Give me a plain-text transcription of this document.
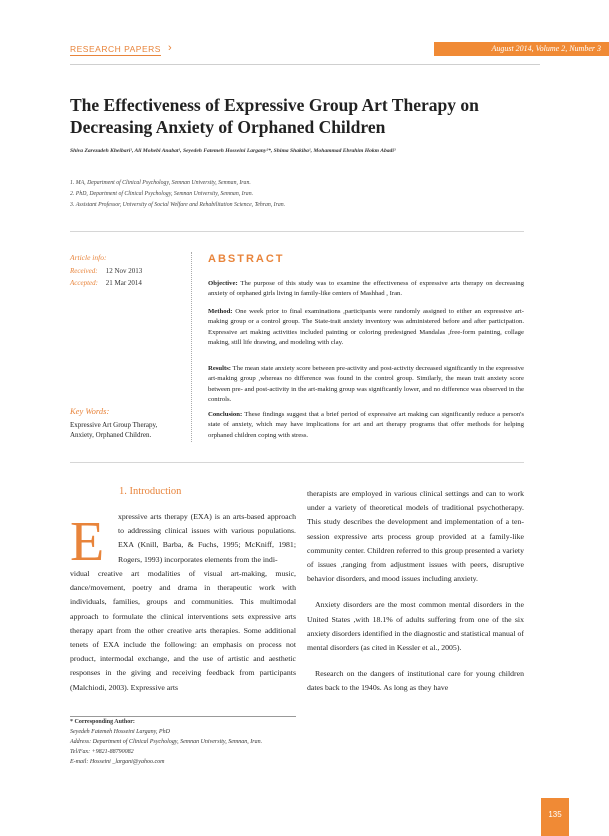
RESEARCH PAPERS ›	August 2014, Volume 2, Number 3
The Effectiveness of Expressive Group Art Therapy on Decreasing Anxiety of Orphaned Children
Shiva Zarezadeh Kheibari¹, Ali Mohebi Anabat¹, Seyedeh Fatemeh Hosseini Largany²*, Shima Shakiba¹, Mohammad Ebrahim Hokm Abadi³
1. MA, Department of Clinical Psychology, Semnan University, Semnan, Iran.
2. PhD, Department of Clinical Psychology, Semnan University, Semnan, Iran.
3. Assistant Professor, University of Social Welfare and Rehabilitation Science, Tehran, Iran.
Article info:
Received: 12 Nov 2013
Accepted: 21 Mar 2014
Key Words:
Expressive Art Group Therapy, Anxiety, Orphaned Children.
ABSTRACT
Objective: The purpose of this study was to examine the effectiveness of expressive arts therapy on decreasing anxiety of orphaned girls living in family-like centers of Mashhad , Iran.
Method: One week prior to final examinations ,participants were randomly assigned to either an expressive art-making group or a control group. The State-trait anxiety inventory was administered before and after participation. Expressive art making activities included painting or coloring predesigned Mandalas ,free-form painting, collage making, still life drawing, and modeling with clay.
Results: The mean state anxiety score between pre-activity and post-activity decreased significantly in the expressive art-making group ,whereas no difference was found in the control group. Similarly, the mean trait anxiety score between pre- and post-activity in the art-making group was significantly lower, and no difference was observed in the controls.
Conclusion: These findings suggest that a brief period of expressive art making can significantly reduce a person's state of anxiety, which may have implications for art and art therapy programs that offer methods for helping orphaned children coping with stress.
1. Introduction
E xpressive arts therapy (EXA) is an arts-based approach to addressing clinical issues with various populations. EXA (Knill, Barba, & Fuchs, 1995; McKniff, 1981; Rogers, 1993) incorporates elements from the indi-

vidual creative art modalities of visual art-making, music, dance/movement, poetry and drama in therapeutic work with individuals, families, groups and communities. This multimodal approach to formulate the clinical interventions sets expressive arts therapy apart from the other creative arts therapies. Some additional tenets of EXA include the following: an emphasis on process not product, intermodal exchange, and the use of artistic and aesthetic responses in the giving and receiving feedback from participants (Malchiodi, 2003). Expressive arts

therapists are employed in various clinical settings and can to work under a variety of theoretical models of traditional psychotherapy. This study describes the development and implementation of a ten-session expressive arts process group provided at a family-like community center. Children referred to this group presented a variety of issues ,ranging from adjustment issues with peers, disruptive behavior disorders, and mood issues including anxiety.

Anxiety disorders are the most common mental disorders in the United States ,with 18.1% of adults suffering from one of the six anxiety disorders identified in the diagnostic and statistical manual of mental disorders (as cited in Kessler et al., 2005).

Research on the dangers of institutional care for young children dates back to the 1940s. As long as they have

* Corresponding Author:
Seyedeh Fatemeh Hosseini Largany, PhD
Address: Department of Clinical Psychology, Semnan University, Semnan, Iran.
Tel/Fax: +9821-88790082
E-mail: Hosseini _largani@yahoo.com
135
